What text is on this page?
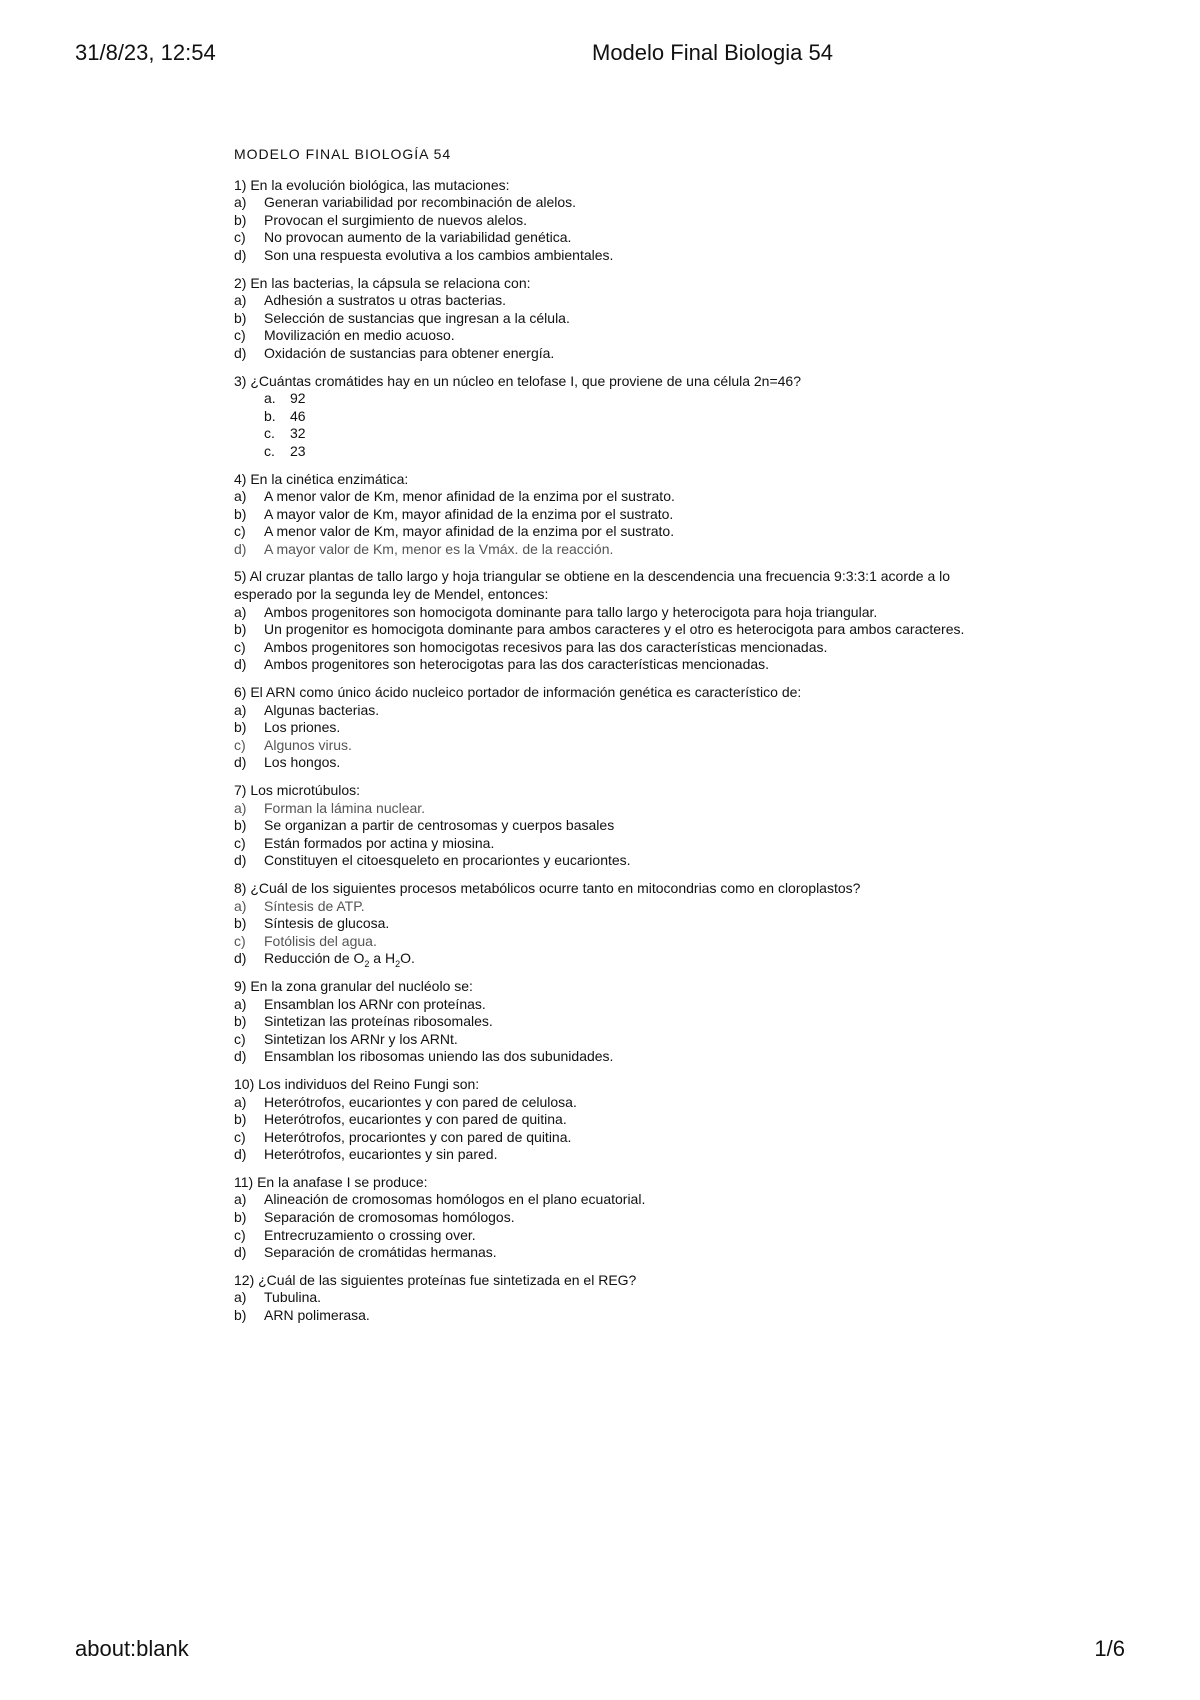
31/8/23, 12:54	Modelo Final Biologia 54
MODELO FINAL BIOLOGÍA 54

1) En la evolución biológica, las mutaciones:

a)	Generan variabilidad por recombinación de alelos.
b)	Provocan el surgimiento de nuevos alelos.
c)	No provocan aumento de la variabilidad genética.
d)	Son una respuesta evolutiva a los cambios ambientales.

2) En las bacterias, la cápsula se relaciona con:

a)	Adhesión a sustratos u otras bacterias.
b)	Selección de sustancias que ingresan a la célula.
c)	Movilización en medio acuoso.
d)	Oxidación de sustancias para obtener energía.

3) ¿Cuántas cromátides hay en un núcleo en telofase I, que proviene de una célula 2n=46?

a.	92
b.	46
c.	32
c.	23

4) En la cinética enzimática:

a)	A menor valor de Km, menor afinidad de la enzima por el sustrato.
b)	A mayor valor de Km, mayor afinidad de la enzima por el sustrato.
c)	A menor valor de Km, mayor afinidad de la enzima por el sustrato.
d)	A mayor valor de Km, menor es la Vmáx. de la reacción.

5) Al cruzar plantas de tallo largo y hoja triangular se obtiene en la descendencia una frecuencia 9:3:3:1 acorde a lo esperado por la segunda ley de Mendel, entonces:

a)	Ambos progenitores son homocigota dominante para tallo largo y heterocigota para hoja triangular.
b)	Un progenitor es homocigota dominante para ambos caracteres y el otro es heterocigota para ambos caracteres.
c)	Ambos progenitores son homocigotas recesivos para las dos características mencionadas.
d)	Ambos progenitores son heterocigotas para las dos características mencionadas.

6) El ARN como único ácido nucleico portador de información genética es característico de:

a)	Algunas bacterias.
b)	Los priones.
c)	Algunos virus.
d)	Los hongos.

7) Los microtúbulos:

a)	Forman la lámina nuclear.
b)	Se organizan a partir de centrosomas y cuerpos basales
c)	Están formados por actina y miosina.
d)	Constituyen el citoesqueleto en procariontes y eucariontes.

8) ¿Cuál de los siguientes procesos metabólicos ocurre tanto en mitocondrias como en cloroplastos?

a)	Síntesis de ATP.
b)	Síntesis de glucosa.
c)	Fotólisis del agua.
d)	Reducción de $O_2$ a $H_2O$.

9) En la zona granular del nucléolo se:

a)	Ensamblan los ARNr con proteínas.
b)	Sintetizan las proteínas ribosomales.
c)	Sintetizan los ARNr y los ARNt.
d)	Ensamblan los ribosomas uniendo las dos subunidades.

10) Los individuos del Reino Fungi son:

a)	Heterótrofos, eucariontes y con pared de celulosa.
b)	Heterótrofos, eucariontes y con pared de quitina.
c)	Heterótrofos, procariontes y con pared de quitina.
d)	Heterótrofos, eucariontes y sin pared.

11) En la anafase I se produce:

a)	Alineación de cromosomas homólogos en el plano ecuatorial.
b)	Separación de cromosomas homólogos.
c)	Entrecruzamiento o crossing over.
d)	Separación de cromátidas hermanas.

12) ¿Cuál de las siguientes proteínas fue sintetizada en el REG?

a)	Tubulina.
b)	ARN polimerasa.
about:blank	1/6
